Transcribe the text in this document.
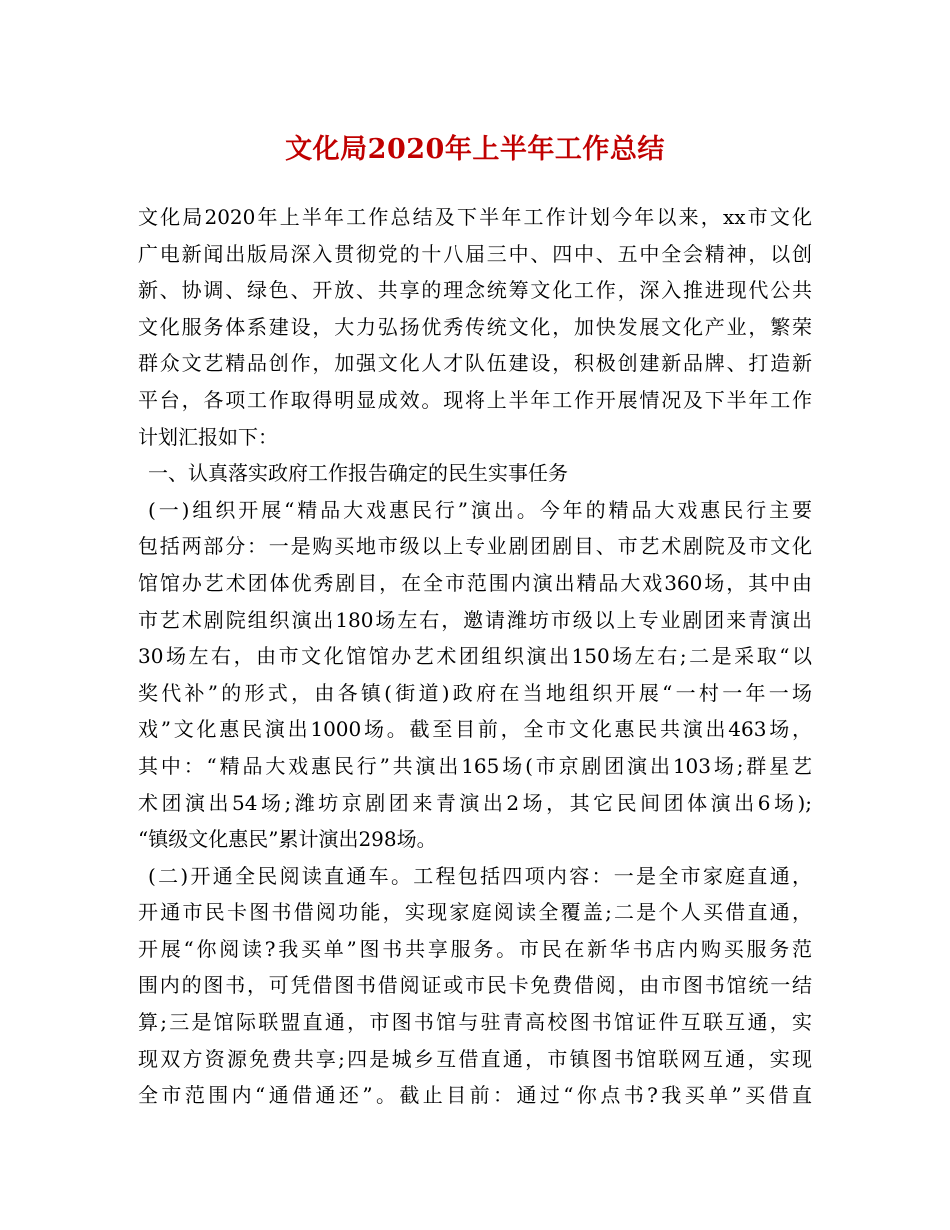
文化局2020年上半年工作总结
文化局2020年上半年工作总结及下半年工作计划今年以来，xx市文化
广电新闻出版局深入贯彻党的十八届三中、四中、五中全会精神，以创
新、协调、绿色、开放、共享的理念统筹文化工作，深入推进现代公共
文化服务体系建设，大力弘扬优秀传统文化，加快发展文化产业，繁荣
群众文艺精品创作，加强文化人才队伍建设，积极创建新品牌、打造新
平台，各项工作取得明显成效。现将上半年工作开展情况及下半年工作
计划汇报如下：
一、认真落实政府工作报告确定的民生实事任务
(一)组织开展“精品大戏惠民行”演出。今年的精品大戏惠民行主要
包括两部分：一是购买地市级以上专业剧团剧目、市艺术剧院及市文化
馆馆办艺术团体优秀剧目，在全市范围内演出精品大戏360场，其中由
市艺术剧院组织演出180场左右，邀请潍坊市级以上专业剧团来青演出
30场左右，由市文化馆馆办艺术团组织演出150场左右;二是采取“以
奖代补”的形式，由各镇(街道)政府在当地组织开展“一村一年一场
戏”文化惠民演出1000场。截至目前，全市文化惠民共演出463场，
其中：“精品大戏惠民行”共演出165场(市京剧团演出103场;群星艺
术团演出54场;潍坊京剧团来青演出2场，其它民间团体演出6场);
“镇级文化惠民”累计演出298场。
(二)开通全民阅读直通车。工程包括四项内容：一是全市家庭直通，
开通市民卡图书借阅功能，实现家庭阅读全覆盖;二是个人买借直通，
开展“你阅读?我买单”图书共享服务。市民在新华书店内购买服务范
围内的图书，可凭借图书借阅证或市民卡免费借阅，由市图书馆统一结
算;三是馆际联盟直通，市图书馆与驻青高校图书馆证件互联互通，实
现双方资源免费共享;四是城乡互借直通，市镇图书馆联网互通，实现
全市范围内“通借通还”。截止目前：通过“你点书?我买单”买借直
